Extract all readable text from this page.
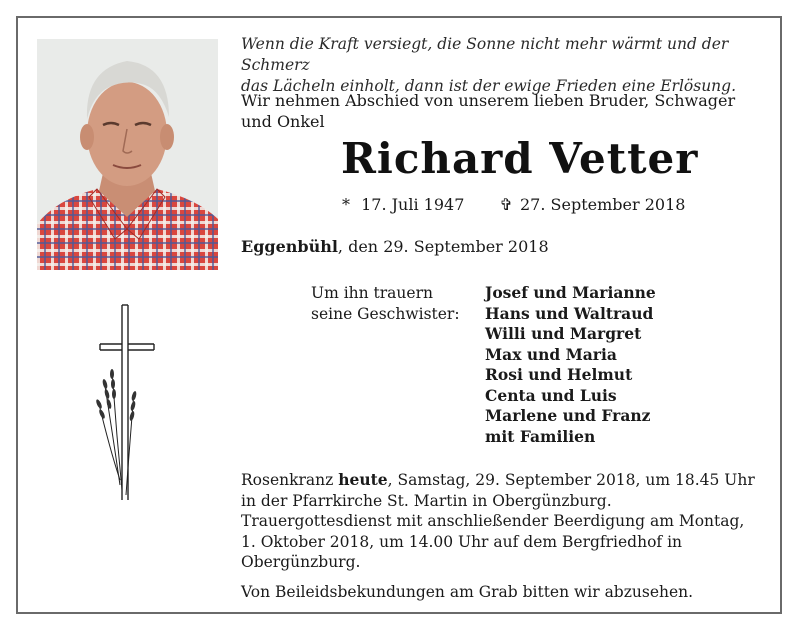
Wenn die Kraft versiegt, die Sonne nicht mehr wärmt und der Schmerz
das Lächeln einholt, dann ist der ewige Frieden eine Erlösung.
Wir nehmen Abschied von unserem lieben Bruder, Schwager
und Onkel
Richard Vetter
* 17. Juli 1947 ✞ 27. September 2018
Eggenbühl, den 29. September 2018
Um ihn trauern
seine Geschwister:
Josef und Marianne
Hans und Waltraud
Willi und Margret
Max und Maria
Rosi und Helmut
Centa und Luis
Marlene und Franz
mit Familien
Rosenkranz heute, Samstag, 29. September 2018, um 18.45 Uhr
in der Pfarrkirche St. Martin in Obergünzburg.
Trauergottesdienst mit anschließender Beerdigung am Montag,
1. Oktober 2018, um 14.00 Uhr auf dem Bergfriedhof in
Obergünzburg.
Von Beileidsbekundungen am Grab bitten wir abzusehen.
